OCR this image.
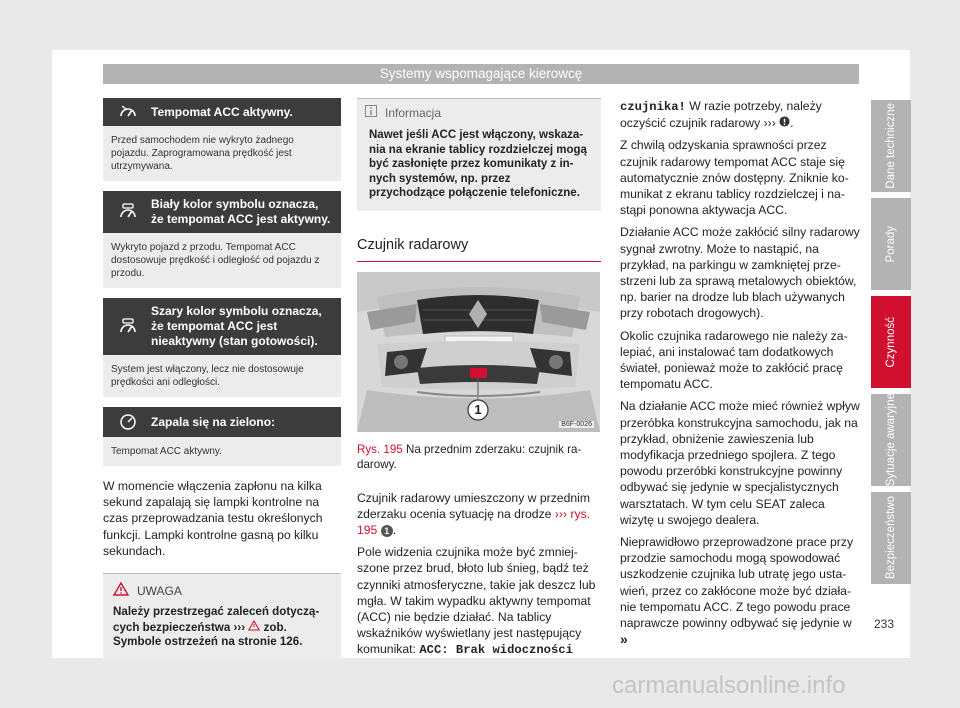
Systemy wspomagające kierowcę
Tempomat ACC aktywny.
Przed samochodem nie wykryto żadnego pojazdu. Zaprogramowana prędkość jest utrzymywana.
Biały kolor symbolu oznacza, że tempomat ACC jest aktywny.
Wykryto pojazd z przodu. Tempomat ACC dostosowuje prędkość i odległość od pojazdu z przodu.
Szary kolor symbolu oznacza, że tempomat ACC jest nieaktywny (stan gotowości).
System jest włączony, lecz nie dostosowuje prędkości ani odległości.
Zapala się na zielono:
Tempomat ACC aktywny.

W momencie włączenia zapłonu na kilka sekund zapalają się lampki kontrolne na czas przeprowadzania testu określonych funkcji. Lampki kontrolne gasną po kilku sekundach.

UWAGA
Należy przestrzegać zaleceń dotyczących bezpieczeństwa ››› zob. Symbole ostrzeżeń na stronie 126.
Informacja
Nawet jeśli ACC jest włączony, wskazania na ekranie tablicy rozdzielczej mogą być zasłonięte przez komunikaty z innych systemów, np. przez przychodzące połączenie telefoniczne.
Czujnik radarowy
1
B6F-0026
Rys. 195 Na przednim zderzaku: czujnik radarowy.

Czujnik radarowy umieszczony w przednim zderzaku ocenia sytuację na drodze ››› rys. 195 1 .

Pole widzenia czujnika może być zmniejszone przez brud, błoto lub śnieg, bądź też czynniki atmosferyczne, takie jak deszcz lub mgła. W takim wypadku aktywny tempomat (ACC) nie będzie działać. Na tablicy wskaźników wyświetlany jest następujący komunikat: ACC: Brak widoczności

czujnika! W razie potrzeby, należy oczyścić czujnik radarowy ››› .

Z chwilą odzyskania sprawności przez czujnik radarowy tempomat ACC staje się automatycznie znów dostępny. Zniknie komunikat z ekranu tablicy rozdzielczej i nastąpi ponowna aktywacja ACC.

Działanie ACC może zakłócić silny radarowy sygnał zwrotny. Może to nastąpić, na przykład, na parkingu w zamkniętej przestrzeni lub za sprawą metalowych obiektów, np. barier na drodze lub blach używanych przy robotach drogowych).

Okolic czujnika radarowego nie należy zalepiać, ani instalować tam dodatkowych świateł, ponieważ może to zakłócić pracę tempomatu ACC.

Na działanie ACC może mieć również wpływ przeróbka konstrukcyjna samochodu, jak na przykład, obniżenie zawieszenia lub modyfikacja przedniego spojlera. Z tego powodu przeróbki konstrukcyjne powinny odbywać się jedynie w specjalistycznych warsztatach. W tym celu SEAT zaleca wizytę u swojego dealera.

Nieprawidłowo przeprowadzone prace przy przodzie samochodu mogą spowodować uszkodzenie czujnika lub utratę jego ustawień, przez co zakłócone może być działanie tempomatu ACC. Z tego powodu prace naprawcze powinny odbywać się jedynie w »

Dane techniczne
Porady
Czynność
Sytuacje awaryjne
Bezpieczeństwo
233
carmanualsonline.info
